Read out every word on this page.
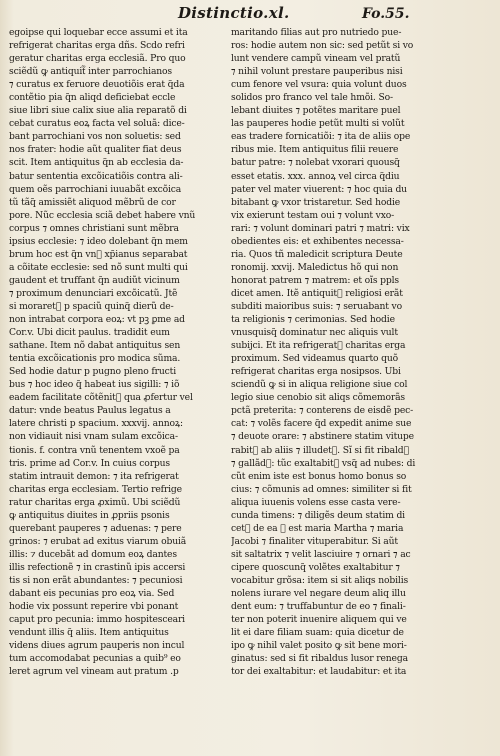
Distinctio.xl.	Fo.55.
egoipse qui loquebar ecce assumi et ita
refrigerat charitas erga dñs. Scdo refri
geratur charitas erga ecclesiã. Pro quo
sciẽdũ ꝙ antiquit᷑ inter parrochianos
⁊ curatus ex feruore deuotiõis erat q̃da
contẽtio pia q̃n aliqd deficiebat eccle
siue libri siue calix siue alia reparatõ di
cebat curatus eoꝝ facta vel soluã: dice-
bant parrochiani vos non soluetis: sed
nos frater: hodie aũt qualiter fiat deus
scit. Item antiquitus q̃n ab ecclesia da-
batur sententia excõicatiõis contra ali-
quem oẽs parrochiani iuuabãt excõica
tũ tãq̃ amissiẽt aliquod mẽbrũ de cor
pore. Nũc ecclesia sciã debet habere vnũ
corpus ⁊ omnes christiani sunt mẽbra
ipsius ecclesie: ⁊ ideo dolebant q̃n mem
brum hoc est q̃n vn᷑ xp̃ianus separabat
a cõitate ecclesie: sed nõ sunt multi qui
gaudent et truffant q̃n audiũt vicinum
⁊ proximum denunciari excõicatũ. Jtẽ
si moraret᷑ p spaciũ quinq̃ dierũ de-
non intrabat corpora eoꝝ: vt pꝫ ꝑme ad
Cor.v. Ubi dicit paulus. tradidit eum
sathane. Item nõ dabat antiquitus sen
tentia excõicationis pro modica sũma.
Sed hodie datur p pugno pleno fructi
bus ⁊ hoc ideo q̃ habeat ius sigilli: ⁊ iõ
eadem facilitate cõtẽnit᷑ qua ꝓfertur vel
datur: vnde beatus Paulus legatus a
latere christi p spacium. xxxvij. annoꝝ:
non vidiauit nisi vnam sulam excõica-
tionis. f. contra vnũ tenentem vxoẽ pa
tris. prime ad Cor.v. In cuius corpus
statim intrauit demon: ⁊ ita refrigerat
charitas erga ecclesiam. Tertio refrige
ratur charitas erga ꝓximũ. Ubi sciẽdũ
ꝙ antiquitus diuites in ꝓpriis psonis
querebant pauperes ⁊ aduenas: ⁊ pere
grinos: ⁊ erubat ad exitus viarum obuiã
illis: ⁊ ducebãt ad domum eoꝝ dantes
illis refectionẽ ⁊ in crastinũ ipis accersi
tis si non erãt abundantes: ⁊ pecuniosi
dabant eis pecunias pro eoꝝ via. Sed
hodie vix possunt reperire vbi ponant
caput pro pecunia: immo hospitesceari
vendunt illis q̃ aliis. Item antiquitus
videns diues agrum pauperis non incul
tum accomodabat pecunias a quib⁹ eo
leret agrum vel vineam aut pratum .p
maritando filias aut pro nutriedo pue-
ros: hodie autem non sic: sed petũt si vo
lunt vendere campũ vineam vel pratũ
⁊ nihil volunt prestare pauperibus nisi
cum fenore vel vsura: quia volunt duos
solidos pro franco vel tale hmõi. So-
lebant diuites ⁊ potẽtes maritare puel
las pauperes hodie petũt multi si volũt
eas tradere fornicatiõi: ⁊ ita de aliis ope
ribus mie. Item antiquitus filii reuere
batur patre: ⁊ nolebat vxorari quousq̃
esset etatis. xxx. annoꝝ vel circa q̃diu
pater vel mater viuerent: ⁊ hoc quia du
bitabant ꝙ vxor tristaretur. Sed hodie
vix exierunt testam oui ⁊ volunt vxo-
rari: ⁊ volunt dominari patri ⁊ matri: vix
obedientes eis: et exhibentes necessa-
ria. Quos tñ maledicit scriptura Deute
ronomij. xxvij. Maledictus hõ qui non
honorat patrem ⁊ matrem: et oĩs ppls
dicet amen. Itẽ antiquit᷑ religiosi erãt
subditi maioribus suis: ⁊ seruabant vo
ta religionis ⁊ cerimonias. Sed hodie
vnusquisq̃ dominatur nec aliquis vult
subijci. Et ita refrigerat᷑ charitas erga
proximum. Sed videamus quarto quõ
refrigerat charitas erga nosipsos. Ubi
sciendũ ꝙ si in aliqua religione siue col
legio siue cenobio sit aliqs cõmemorãs
pctã preterita: ⁊ conterens de eisdẽ pec-
cat: ⁊ volẽs facere q̃d expedit anime sue
⁊ deuote orare: ⁊ abstinere statim vitupe
rabit᷑ ab aliis ⁊ illudet᷑. Sĩ si fit ribald᷑
⁊ gallãd᷑: tũc exaltabit᷑ vsq̃ ad nubes: di
cũt enim iste est bonus homo bonus so
cius: ⁊ cõmunis ad omnes: similiter si fit
aliqua iuuenis volens esse casta vere-
cunda timens: ⁊ diligẽs deum statim di
cet᷑ de ea ꝙ est maria Martha ⁊ maria
Jacobi ⁊ finaliter vituperabitur. Si aũt
sit saltatrix ⁊ velit lasciuire ⁊ ornari ⁊ ac
cipere quoscunq̃ volẽtes exaltabitur ⁊
vocabitur grõsa: item si sit aliqs nobilis
nolens iurare vel negare deum aliq illu
dent eum: ⁊ truffabuntur de eo ⁊ finali-
ter non poterit inuenire aliquem qui ve
lit ei dare filiam suam: quia dicetur de
ipo ꝙ nihil valet posito ꝙ sit bene mori-
ginatus: sed si fit ribaldus lusor renega
tor dei exaltabitur: et laudabitur: et ita
